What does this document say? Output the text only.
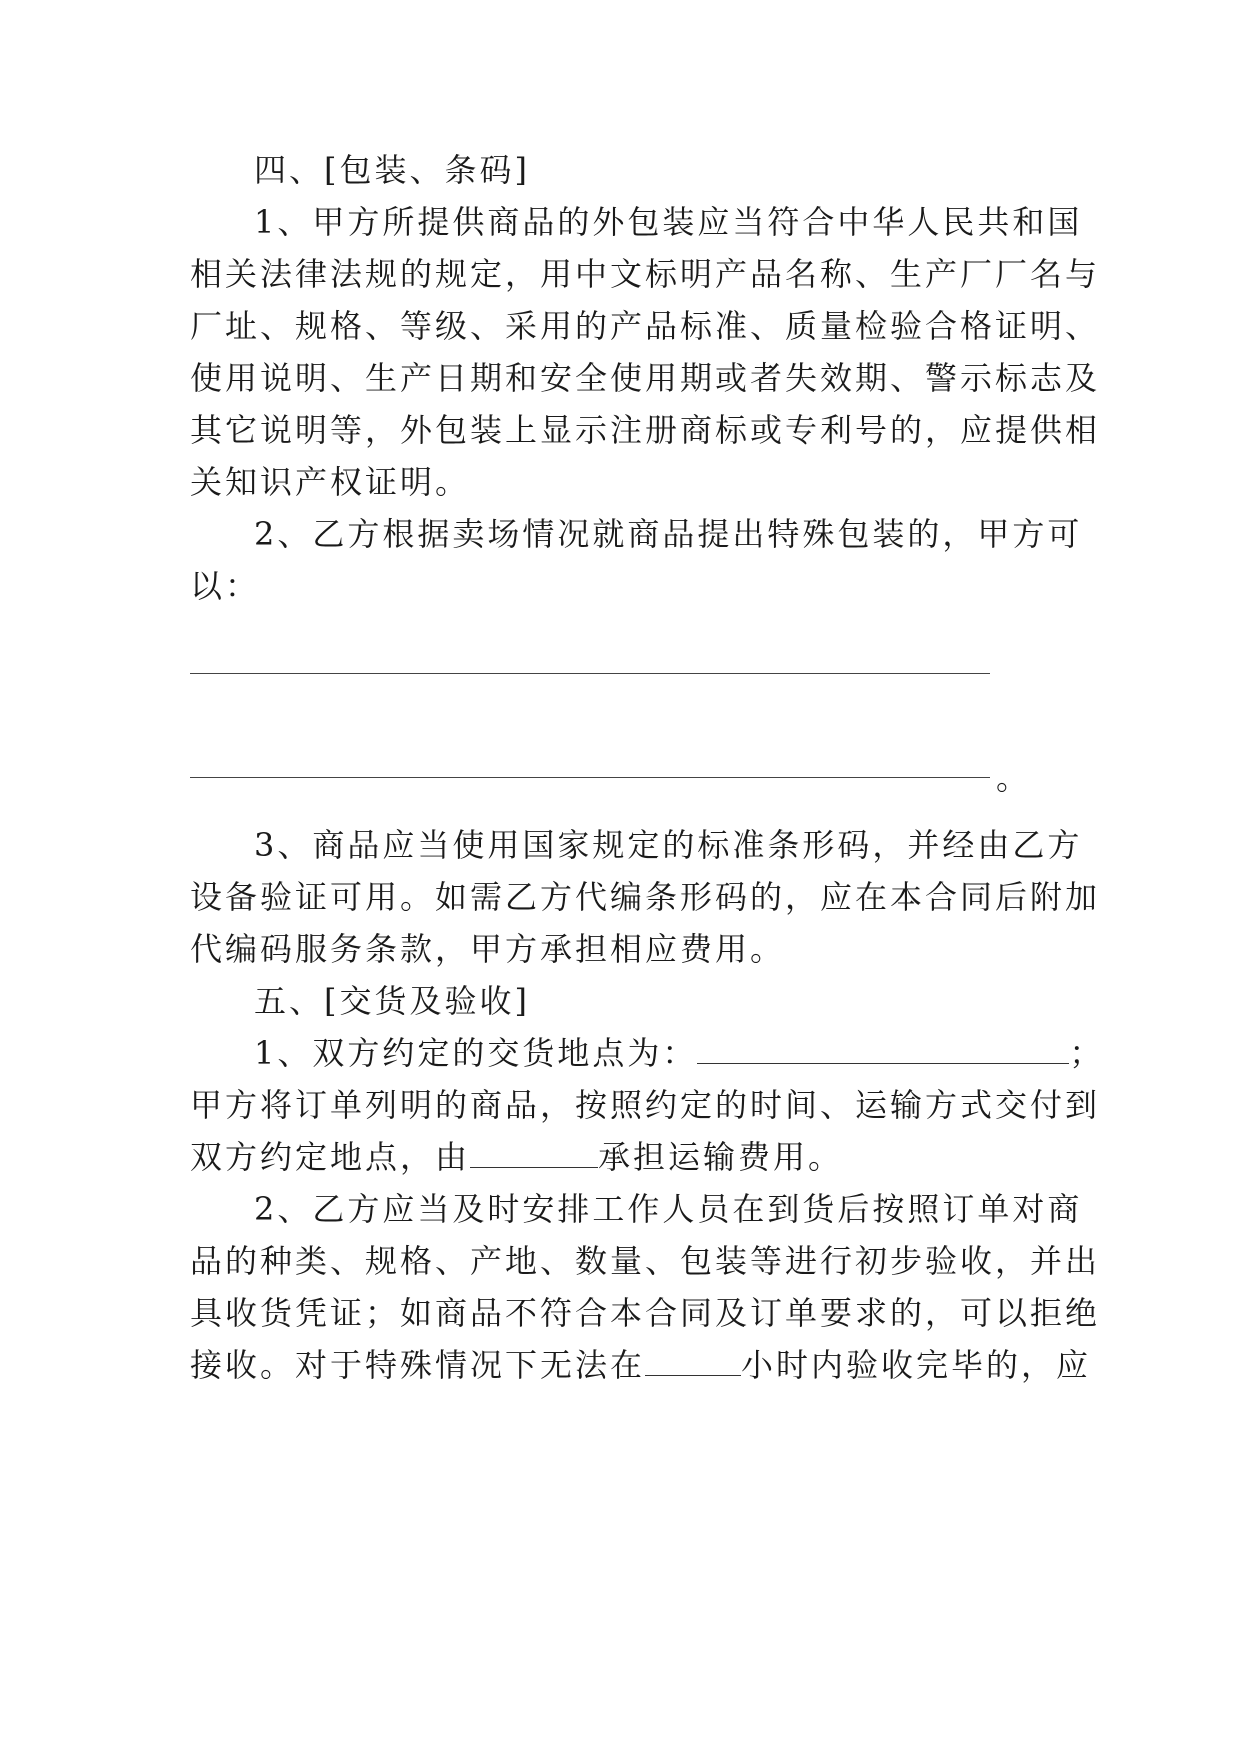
四、[包装、条码]
1、甲方所提供商品的外包装应当符合中华人民共和国
相关法律法规的规定，用中文标明产品名称、生产厂厂名与
厂址、规格、等级、采用的产品标准、质量检验合格证明、
使用说明、生产日期和安全使用期或者失效期、警示标志及
其它说明等，外包装上显示注册商标或专利号的，应提供相
关知识产权证明。
2、乙方根据卖场情况就商品提出特殊包装的，甲方可
以：
。
3、商品应当使用国家规定的标准条形码，并经由乙方
设备验证可用。如需乙方代编条形码的，应在本合同后附加
代编码服务条款，甲方承担相应费用。
五、[交货及验收]
1、双方约定的交货地点为：	；
甲方将订单列明的商品，按照约定的时间、运输方式交付到
双方约定地点，由	承担运输费用。
2、乙方应当及时安排工作人员在到货后按照订单对商
品的种类、规格、产地、数量、包装等进行初步验收，并出
具收货凭证；如商品不符合本合同及订单要求的，可以拒绝
接收。对于特殊情况下无法在	小时内验收完毕的，应
